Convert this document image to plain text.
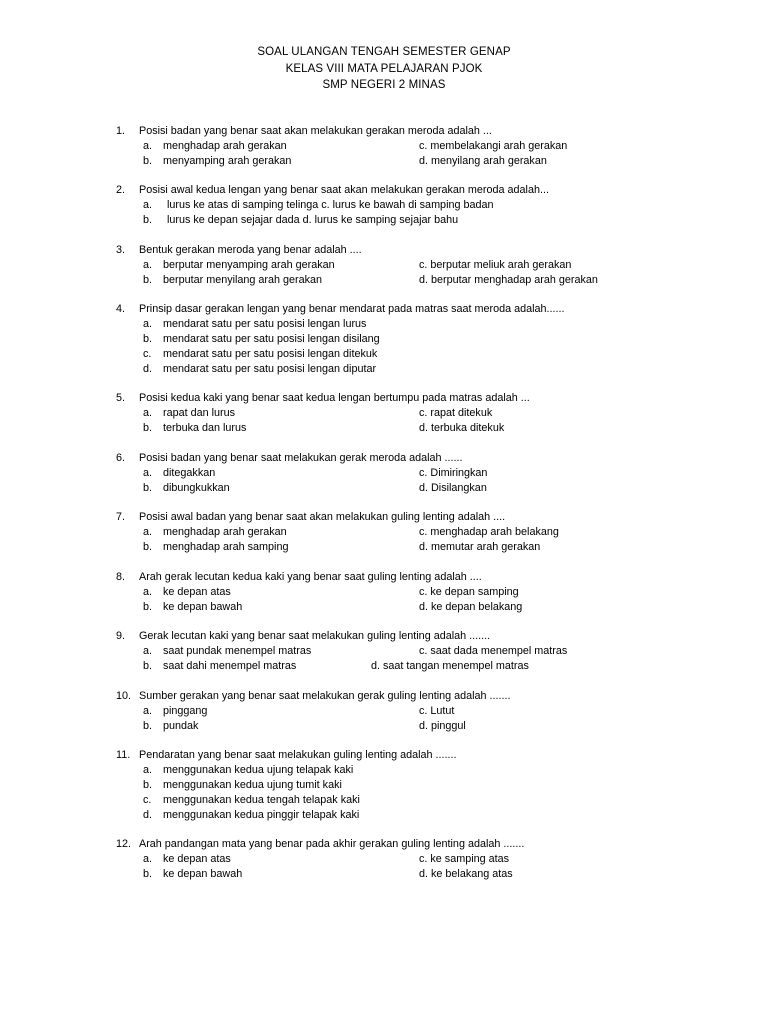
SOAL ULANGAN TENGAH SEMESTER GENAP
KELAS VIII MATA PELAJARAN PJOK
SMP NEGERI 2 MINAS
1. Posisi badan yang benar saat akan melakukan gerakan meroda adalah ...
a. menghadap arah gerakan	c. membelakangi arah gerakan
b. menyamping arah gerakan	d. menyilang arah gerakan
2. Posisi awal kedua lengan yang benar saat akan melakukan gerakan meroda adalah...
a. lurus ke atas di samping telinga c. lurus ke bawah di samping badan
b. lurus ke depan sejajar dada d. lurus ke samping sejajar bahu
3. Bentuk gerakan meroda yang benar adalah ....
a. berputar menyamping arah gerakan	c. berputar meliuk arah gerakan
b. berputar menyilang arah gerakan	d. berputar menghadap arah gerakan
4. Prinsip dasar gerakan lengan yang benar mendarat pada matras saat meroda adalah......
a. mendarat satu per satu posisi lengan lurus
b. mendarat satu per satu posisi lengan disilang
c. mendarat satu per satu posisi lengan ditekuk
d. mendarat satu per satu posisi lengan diputar
5. Posisi kedua kaki yang benar saat kedua lengan bertumpu pada matras adalah ...
a. rapat dan lurus	c. rapat ditekuk
b. terbuka dan lurus	d. terbuka ditekuk
6. Posisi badan yang benar saat melakukan gerak meroda adalah ......
a. ditegakkan	c. Dimiringkan
b. dibungkukkan	d. Disilangkan
7. Posisi awal badan yang benar saat akan melakukan guling lenting adalah ....
a. menghadap arah gerakan	c. menghadap arah belakang
b. menghadap arah samping	d. memutar arah gerakan
8. Arah gerak lecutan kedua kaki yang benar saat guling lenting adalah ....
a. ke depan atas	c. ke depan samping
b. ke depan bawah	d. ke depan belakang
9. Gerak lecutan kaki yang benar saat melakukan guling lenting adalah .......
a. saat pundak menempel matras	c. saat dada menempel matras
b. saat dahi menempel matras	d. saat tangan menempel matras
10. Sumber gerakan yang benar saat melakukan gerak guling lenting adalah .......
a. pinggang	c. Lutut
b. pundak	d. pinggul
11. Pendaratan yang benar saat melakukan guling lenting adalah .......
a. menggunakan kedua ujung telapak kaki
b. menggunakan kedua ujung tumit kaki
c. menggunakan kedua tengah telapak kaki
d. menggunakan kedua pinggir telapak kaki
12. Arah pandangan mata yang benar pada akhir gerakan guling lenting adalah .......
a. ke depan atas	c. ke samping atas
b. ke depan bawah	d. ke belakang atas
